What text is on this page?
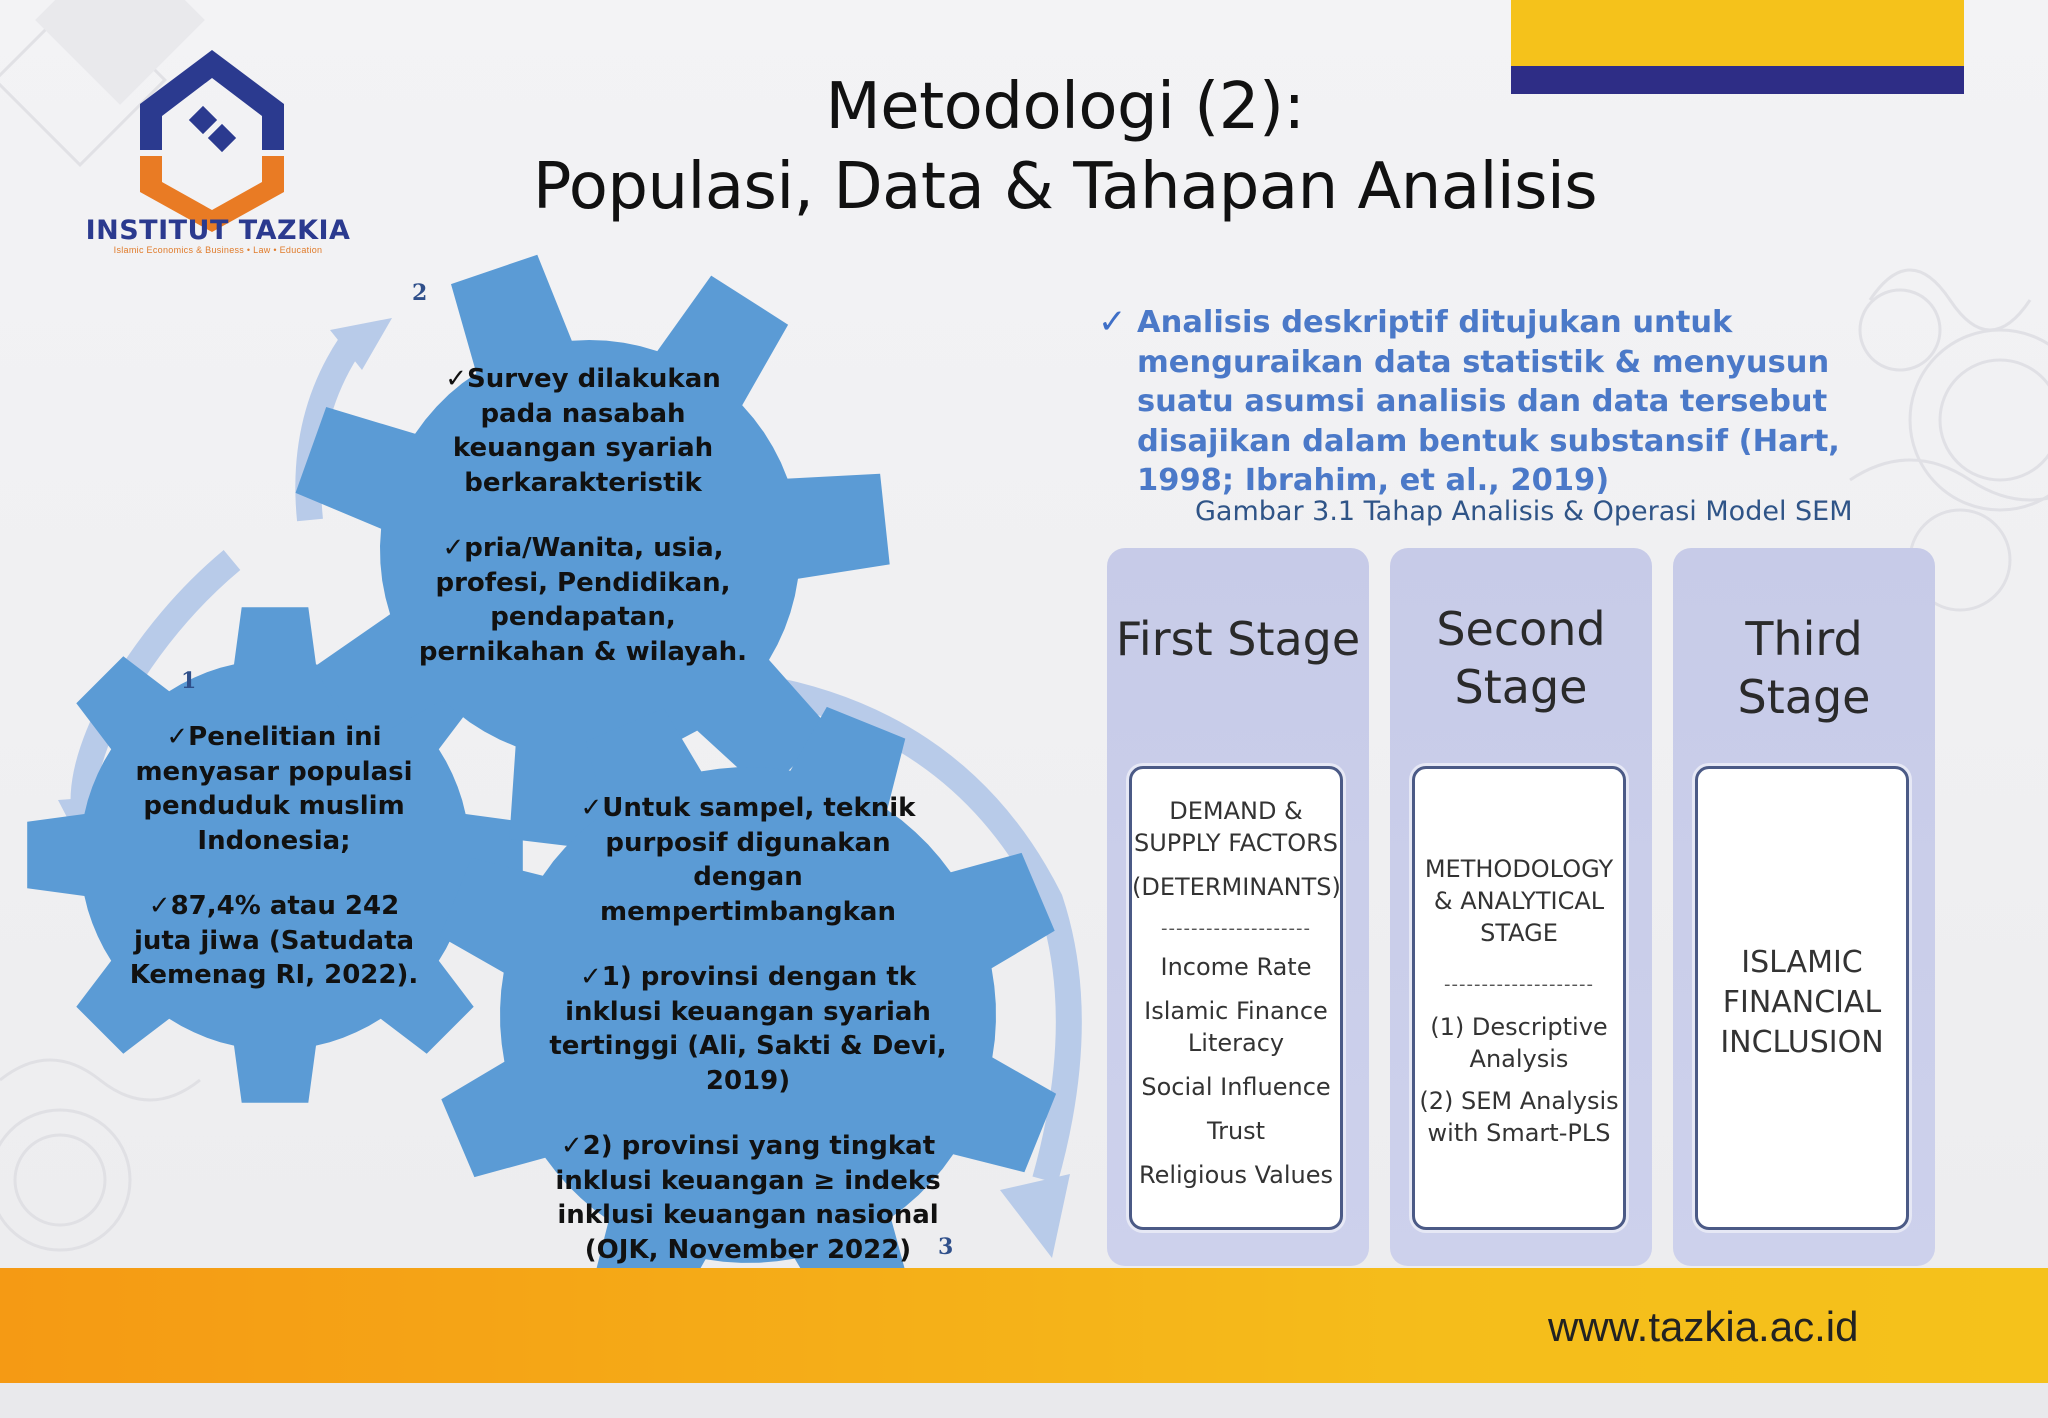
INSTITUT TAZKIA
Islamic Economics & Business • Law • Education
Metodologi (2):
Populasi, Data & Tahapan Analisis
✓ Analisis deskriptif ditujukan untuk menguraikan data statistik & menyusun suatu asumsi analisis dan data tersebut disajikan dalam bentuk substansif (Hart, 1998; Ibrahim, et al., 2019)
Gambar 3.1 Tahap Analisis & Operasi Model SEM
First Stage
DEMAND &
SUPPLY FACTORS
(DETERMINANTS)
--------------------
Income Rate
Islamic Finance
Literacy
Social Influence
Trust
Religious Values
Second
Stage
METHODOLOGY
& ANALYTICAL
STAGE
--------------------
(1) Descriptive
Analysis
(2) SEM Analysis
with Smart-PLS
Third Stage
ISLAMIC
FINANCIAL
INCLUSION
1
2
3
✓Penelitian ini
menyasar populasi
penduduk muslim
Indonesia;
✓87,4% atau 242
juta jiwa (Satudata
Kemenag RI, 2022).
✓Survey dilakukan
pada nasabah
keuangan syariah
berkarakteristik
✓pria/Wanita, usia,
profesi, Pendidikan,
pendapatan,
pernikahan & wilayah.
✓Untuk sampel, teknik
purposif digunakan dengan
mempertimbangkan
✓1) provinsi dengan tk
inklusi keuangan syariah
tertinggi (Ali, Sakti & Devi,
2019)
✓2) provinsi yang tingkat
inklusi keuangan ≥ indeks
inklusi keuangan nasional
(OJK, November 2022)
www.tazkia.ac.id
